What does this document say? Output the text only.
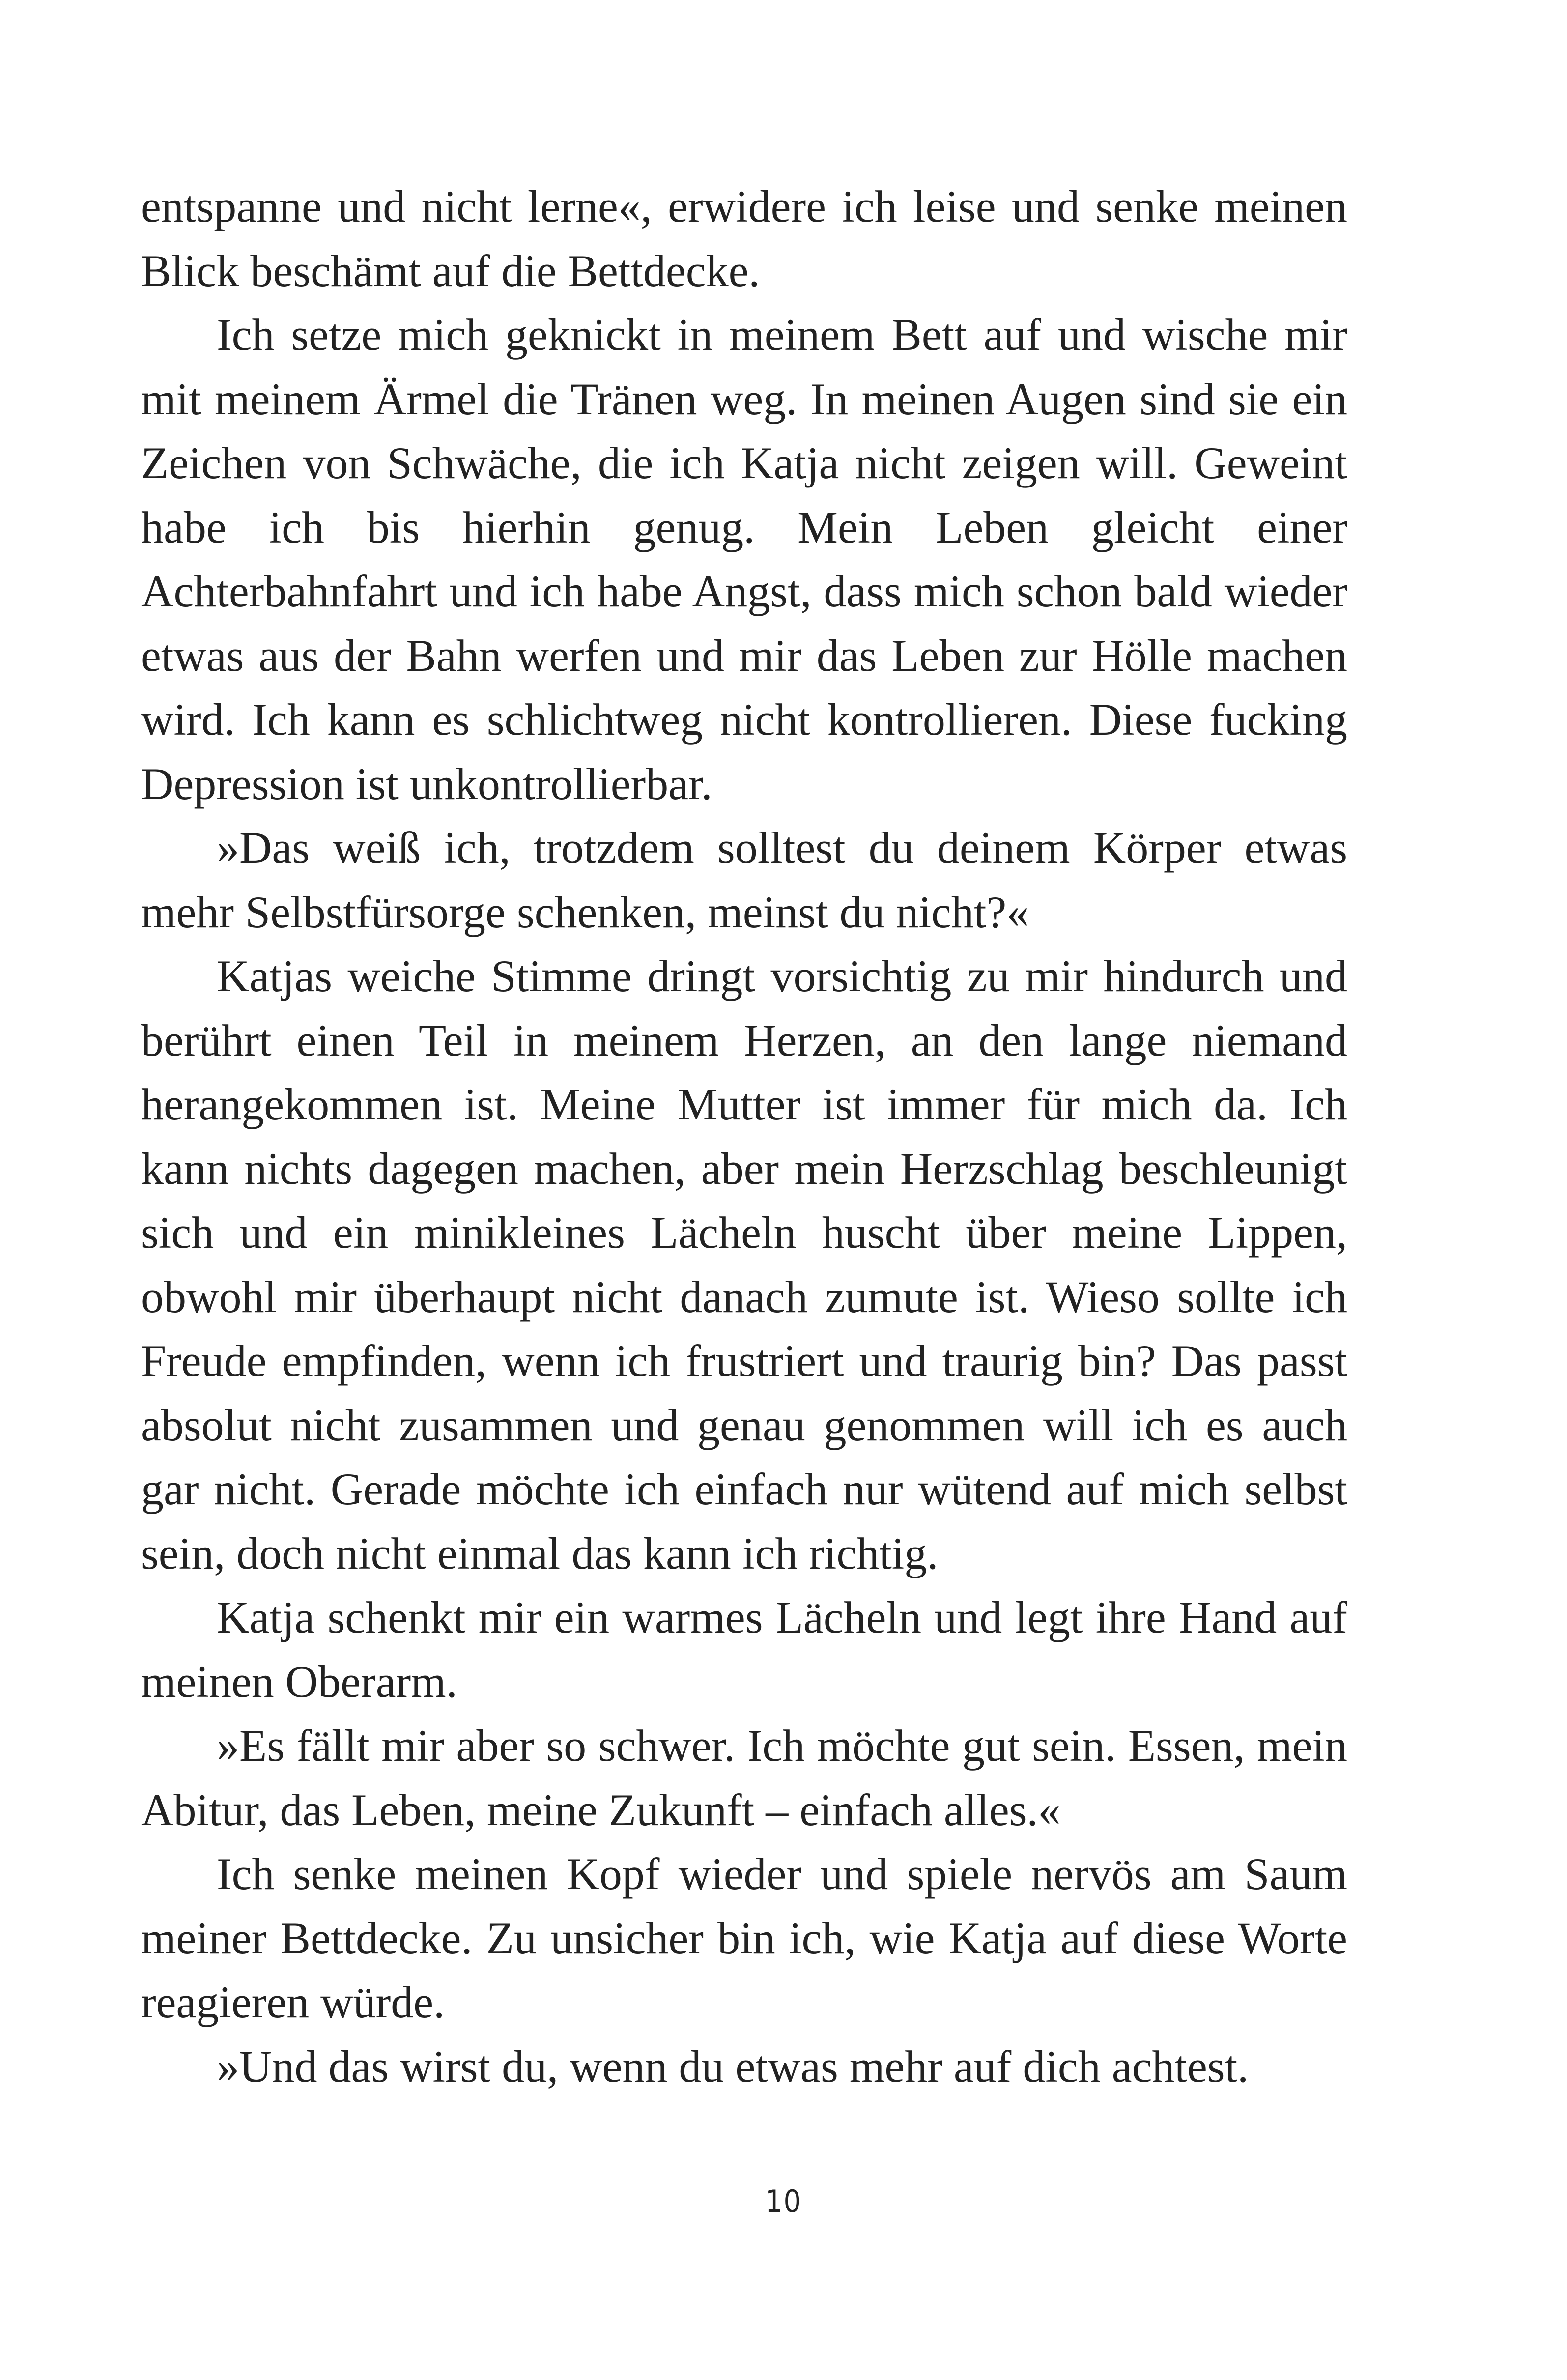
entspanne und nicht lerne«, erwidere ich leise und senke meinen Blick beschämt auf die Bettdecke.

Ich setze mich geknickt in meinem Bett auf und wische mir mit meinem Ärmel die Tränen weg. In meinen Augen sind sie ein Zeichen von Schwäche, die ich Katja nicht zeigen will. Geweint habe ich bis hierhin genug. Mein Leben gleicht einer Achterbahnfahrt und ich habe Angst, dass mich schon bald wieder etwas aus der Bahn werfen und mir das Leben zur Hölle machen wird. Ich kann es schlichtweg nicht kontrollieren. Diese fucking Depression ist unkontrollierbar.

»Das weiß ich, trotzdem solltest du deinem Körper etwas mehr Selbstfürsorge schenken, meinst du nicht?«

Katjas weiche Stimme dringt vorsichtig zu mir hindurch und berührt einen Teil in meinem Herzen, an den lange niemand herangekommen ist. Meine Mutter ist immer für mich da. Ich kann nichts dagegen machen, aber mein Herzschlag beschleunigt sich und ein minikleines Lächeln huscht über meine Lippen, obwohl mir überhaupt nicht danach zumute ist. Wieso sollte ich Freude empfinden, wenn ich frustriert und traurig bin? Das passt absolut nicht zusammen und genau genommen will ich es auch gar nicht. Gerade möchte ich einfach nur wütend auf mich selbst sein, doch nicht einmal das kann ich richtig.

Katja schenkt mir ein warmes Lächeln und legt ihre Hand auf meinen Oberarm.

»Es fällt mir aber so schwer. Ich möchte gut sein. Essen, mein Abitur, das Leben, meine Zukunft – einfach alles.«

Ich senke meinen Kopf wieder und spiele nervös am Saum meiner Bettdecke. Zu unsicher bin ich, wie Katja auf diese Worte reagieren würde.

»Und das wirst du, wenn du etwas mehr auf dich achtest.

10
